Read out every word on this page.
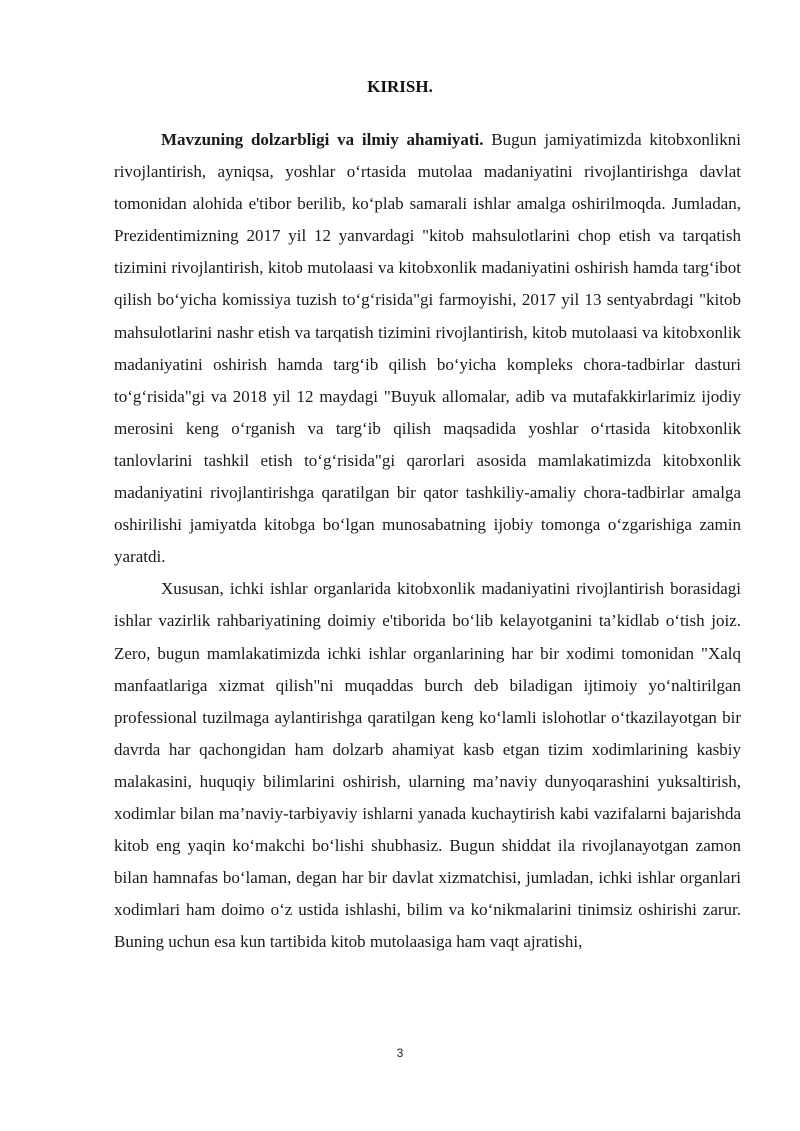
KIRISH.

Mavzuning dolzarbligi va ilmiy ahamiyati. Bugun jamiyatimizda kitobxonlikni rivojlantirish, ayniqsa, yoshlar o‘rtasida mutolaa madaniyatini rivojlantirishga davlat tomonidan alohida e'tibor berilib, ko‘plab samarali ishlar amalga oshirilmoqda. Jumladan, Prezidentimizning 2017 yil 12 yanvardagi "kitob mahsulotlarini chop etish va tarqatish tizimini rivojlantirish, kitob mutolaasi va kitobxonlik madaniyatini oshirish hamda targ‘ibot qilish bo‘yicha komissiya tuzish to‘g‘risida"gi farmoyishi, 2017 yil 13 sentyabrdagi "kitob mahsulotlarini nashr etish va tarqatish tizimini rivojlantirish, kitob mutolaasi va kitobxonlik madaniyatini oshirish hamda targ‘ib qilish bo‘yicha kompleks chora-tadbirlar dasturi to‘g‘risida"gi va 2018 yil 12 maydagi "Buyuk allomalar, adib va mutafakkirlarimiz ijodiy merosini keng o‘rganish va targ‘ib qilish maqsadida yoshlar o‘rtasida kitobxonlik tanlovlarini tashkil etish to‘g‘risida"gi qarorlari asosida mamlakatimizda kitobxonlik madaniyatini rivojlantirishga qaratilgan bir qator tashkiliy-amaliy chora-tadbirlar amalga oshirilishi jamiyatda kitobga bo‘lgan munosabatning ijobiy tomonga o‘zgarishiga zamin yaratdi.

Xususan, ichki ishlar organlarida kitobxonlik madaniyatini rivojlantirish borasidagi ishlar vazirlik rahbariyatining doimiy e'tiborida bo‘lib kelayotganini ta’kidlab o‘tish joiz. Zero, bugun mamlakatimizda ichki ishlar organlarining har bir xodimi tomonidan "Xalq manfaatlariga xizmat qilish"ni muqaddas burch deb biladigan ijtimoiy yo‘naltirilgan professional tuzilmaga aylantirishga qaratilgan keng ko‘lamli islohotlar o‘tkazilayotgan bir davrda har qachongidan ham dolzarb ahamiyat kasb etgan tizim xodimlarining kasbiy malakasini, huquqiy bilimlarini oshirish, ularning ma’naviy dunyoqarashini yuksaltirish, xodimlar bilan ma’naviy-tarbiyaviy ishlarni yanada kuchaytirish kabi vazifalarni bajarishda kitob eng yaqin ko‘makchi bo‘lishi shubhasiz. Bugun shiddat ila rivojlanayotgan zamon bilan hamnafas bo‘laman, degan har bir davlat xizmatchisi, jumladan, ichki ishlar organlari xodimlari ham doimo o‘z ustida ishlashi, bilim va ko‘nikmalarini tinimsiz oshirishi zarur. Buning uchun esa kun tartibida kitob mutolaasiga ham vaqt ajratishi,

3
